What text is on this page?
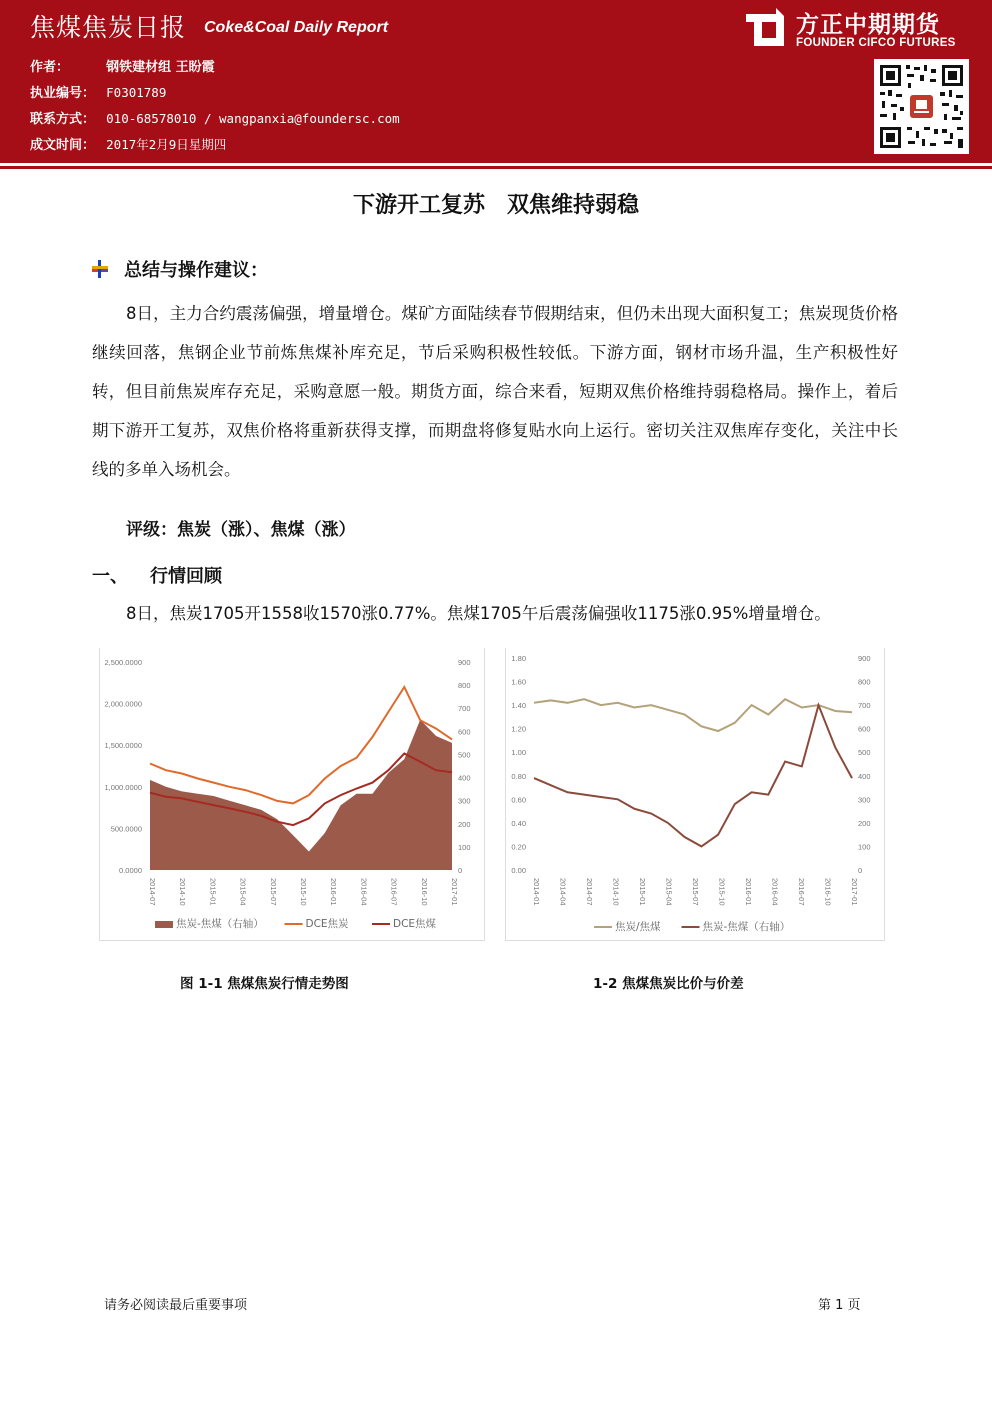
焦煤焦炭日报 Coke&Coal Daily Report
作者：	钢铁建材组 王盼霞
执业编号： F0301789
联系方式： 010-68578010 / wangpanxia@foundersc.com
成文时间： 2017年2月9日星期四
方正中期期货
FOUNDER CIFCO FUTURES
下游开工复苏　双焦维持弱稳
总结与操作建议：
8日，主力合约震荡偏强，增量增仓。煤矿方面陆续春节假期结束，但仍未出现大面积复工；焦炭现货价格继续回落，焦钢企业节前炼焦煤补库充足，节后采购积极性较低。下游方面，钢材市场升温，生产积极性好转，但目前焦炭库存充足，采购意愿一般。期货方面，综合来看，短期双焦价格维持弱稳格局。操作上，着后期下游开工复苏，双焦价格将重新获得支撑，而期盘将修复贴水向上运行。密切关注双焦库存变化，关注中长线的多单入场机会。
评级：焦炭（涨）、焦煤（涨）
一、 行情回顾
8日，焦炭1705开1558收1570涨0.77%。焦煤1705午后震荡偏强收1175涨0.95%增量增仓。
2,500.0000
2,000.0000
1,500.0000
1,000.0000
500.0000
0.0000
900
800
700
600
500
400
300
200
100
0
2014-07	2014-10	2015-01	2015-04	2015-07	2015-10	2016-01	2016-04	2016-07	2016-10	2017-01
焦炭-焦煤（右轴）	DCE焦炭	DCE焦煤
1.80
1.60
1.40
1.20
1.00
0.80
0.60
0.40
0.20
0.00
900
800
700
600
500
400
300
200
100
0
2014-01 2014-04 2014-07 2014-10 2015-01 2015-04 2015-07 2015-10 2016-01 2016-04 2016-07 2016-10 2017-01
焦炭/焦煤	焦炭-焦煤（右轴）
图 1-1 焦煤焦炭行情走势图	1-2 焦煤焦炭比价与价差
请务必阅读最后重要事项	第 1 页
